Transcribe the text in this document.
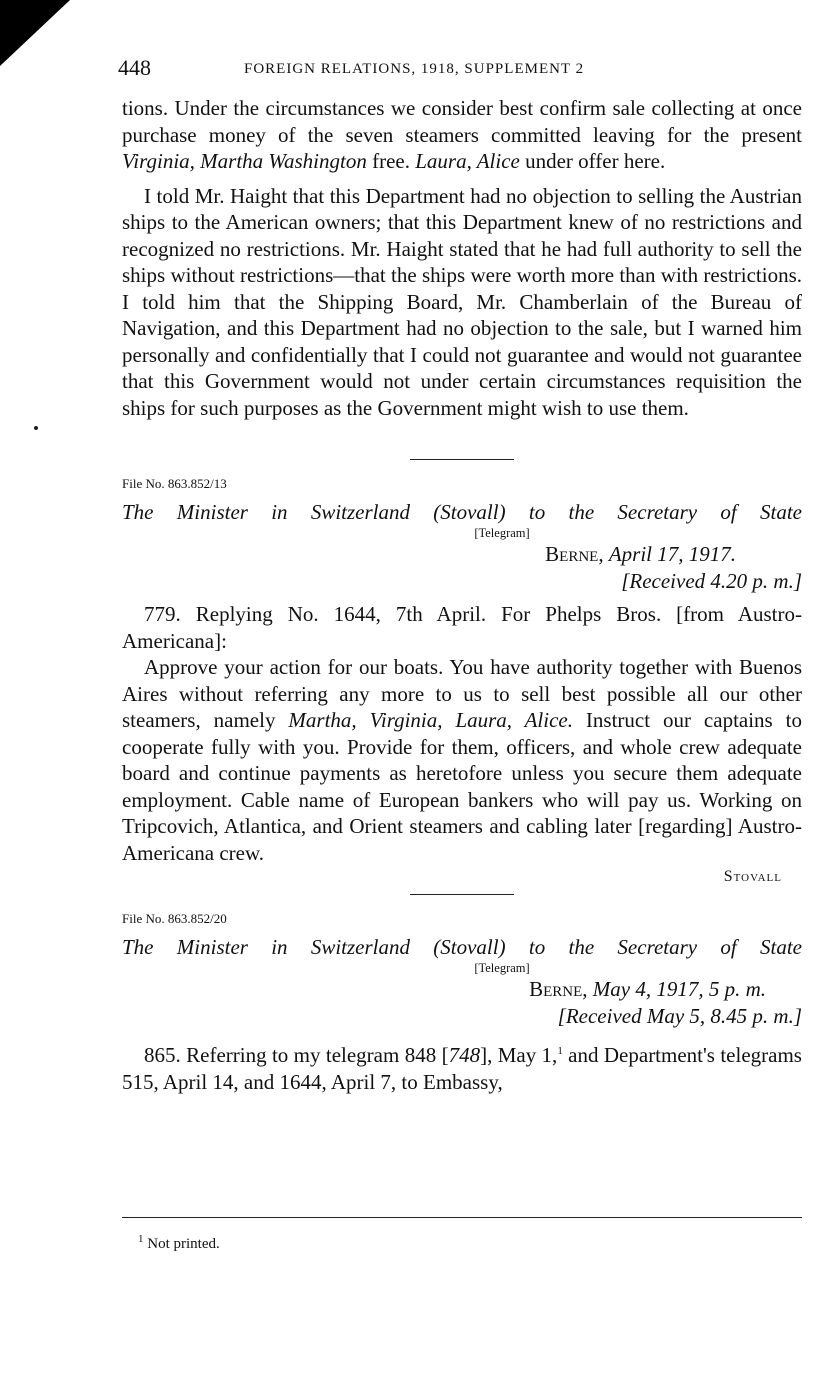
448	FOREIGN RELATIONS, 1918, SUPPLEMENT 2

tions. Under the circumstances we consider best confirm sale collecting at once purchase money of the seven steamers committed leaving for the present Virginia, Martha Washington free. Laura, Alice under offer here.

I told Mr. Haight that this Department had no objection to selling the Austrian ships to the American owners; that this Department knew of no restrictions and recognized no restrictions. Mr. Haight stated that he had full authority to sell the ships without restrictions—that the ships were worth more than with restrictions. I told him that the Shipping Board, Mr. Chamberlain of the Bureau of Navigation, and this Department had no objection to the sale, but I warned him personally and confidentially that I could not guarantee and would not guarantee that this Government would not under certain circumstances requisition the ships for such purposes as the Government might wish to use them.

File No. 863.852/13
The Minister in Switzerland (Stovall) to the Secretary of State
[Telegram]
Berne, April 17, 1917.
[Received 4.20 p. m.]

779. Replying No. 1644, 7th April. For Phelps Bros. [from Austro-Americana]:

Approve your action for our boats. You have authority together with Buenos Aires without referring any more to us to sell best possible all our other steamers, namely Martha, Virginia, Laura, Alice. Instruct our captains to cooperate fully with you. Provide for them, officers, and whole crew adequate board and continue payments as heretofore unless you secure them adequate employment. Cable name of European bankers who will pay us. Working on Tripcovich, Atlantica, and Orient steamers and cabling later [regarding] Austro-Americana crew.

Stovall
File No. 863.852/20
The Minister in Switzerland (Stovall) to the Secretary of State
[Telegram]
Berne, May 4, 1917, 5 p. m.
[Received May 5, 8.45 p. m.]

865. Referring to my telegram 848 [748], May 1,$^1$ and Department's telegrams 515, April 14, and 1644, April 7, to Embassy,

$^1$ Not printed.
